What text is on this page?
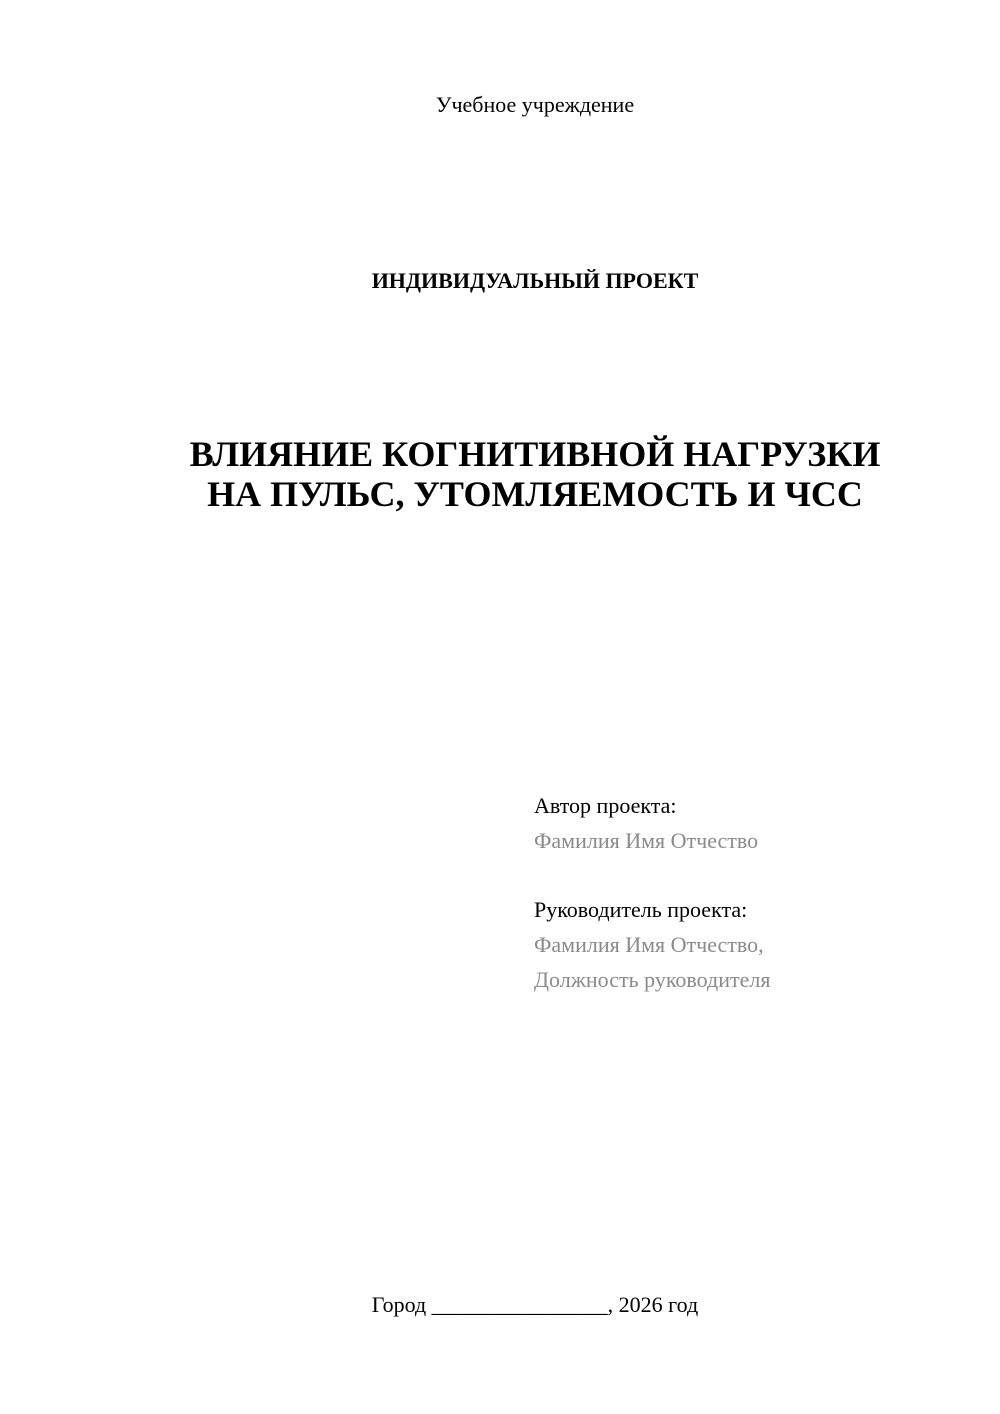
Учебное учреждение
ИНДИВИДУАЛЬНЫЙ ПРОЕКТ
ВЛИЯНИЕ КОГНИТИВНОЙ НАГРУЗКИ
НА ПУЛЬС, УТОМЛЯЕМОСТЬ И ЧСС
Автор проекта:
Фамилия Имя Отчество
Руководитель проекта:
Фамилия Имя Отчество,
Должность руководителя
Город ________________, 2026 год
